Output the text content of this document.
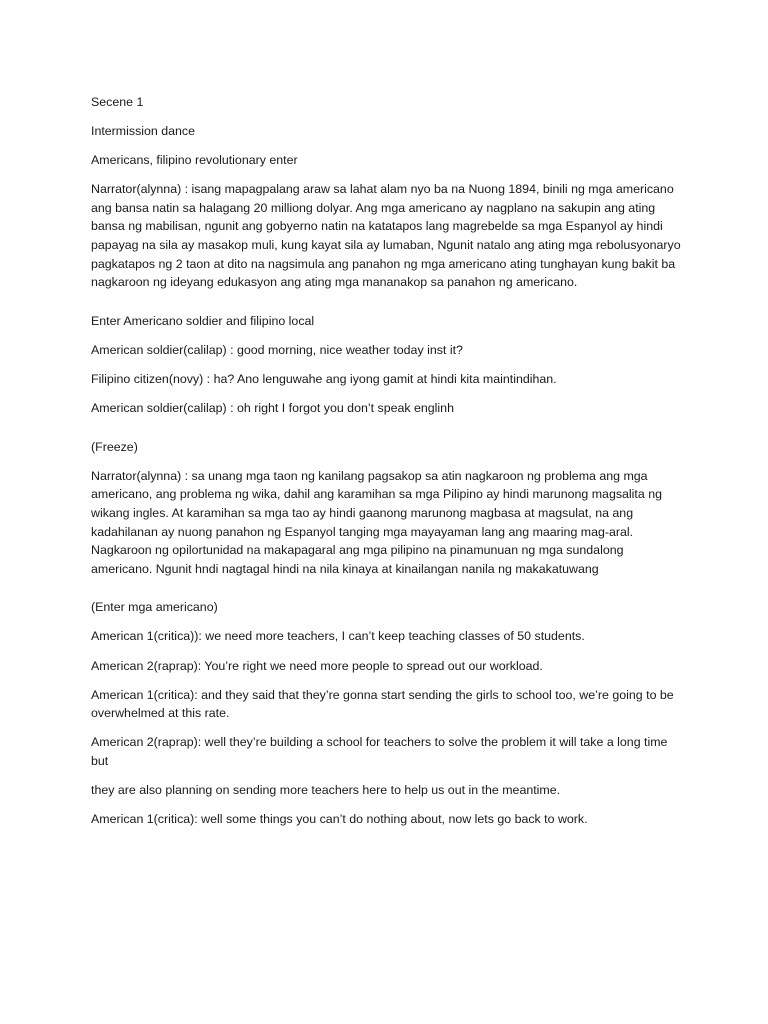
Secene 1

Intermission dance

Americans, filipino revolutionary enter

Narrator(alynna) : isang mapagpalang araw sa lahat alam nyo ba na Nuong 1894, binili ng mga americano ang bansa natin sa halagang 20 milliong dolyar. Ang mga americano ay nagplano na sakupin ang ating bansa ng mabilisan, ngunit ang gobyerno natin na katatapos lang magrebelde sa mga Espanyol ay hindi papayag na sila ay masakop muli, kung kayat sila ay lumaban, Ngunit natalo ang ating mga rebolusyonaryo pagkatapos ng 2 taon at dito na nagsimula ang panahon ng mga americano ating tunghayan kung bakit ba nagkaroon ng ideyang edukasyon ang ating mga mananakop sa panahon ng americano.

Enter Americano soldier and filipino local

American soldier(calilap) : good morning, nice weather today inst it?

Filipino citizen(novy) : ha? Ano lenguwahe ang iyong gamit at hindi kita maintindihan.

American soldier(calilap) : oh right I forgot you don’t speak englinh

(Freeze)

Narrator(alynna) : sa unang mga taon ng kanilang pagsakop sa atin nagkaroon ng problema ang mga americano, ang problema ng wika, dahil ang karamihan sa mga Pilipino ay hindi marunong magsalita ng wikang ingles. At karamihan sa mga tao ay hindi gaanong marunong magbasa at magsulat, na ang kadahilanan ay nuong panahon ng Espanyol tanging mga mayayaman lang ang maaring mag-aral. Nagkaroon ng opilortunidad na makapagaral ang mga pilipino na pinamunuan ng mga sundalong americano. Ngunit hndi nagtagal hindi na nila kinaya at kinailangan nanila ng makakatuwang

(Enter mga americano)

American 1(critica)): we need more teachers, I can’t keep teaching classes of 50 students.

American 2(raprap): You’re right we need more people to spread out our workload.

American 1(critica): and they said that they’re gonna start sending the girls to school too, we’re going to be overwhelmed at this rate.

American 2(raprap): well they’re building a school for teachers to solve the problem it will take a long time but

they are also planning on sending more teachers here to help us out in the meantime.

American 1(critica): well some things you can’t do nothing about, now lets go back to work.
